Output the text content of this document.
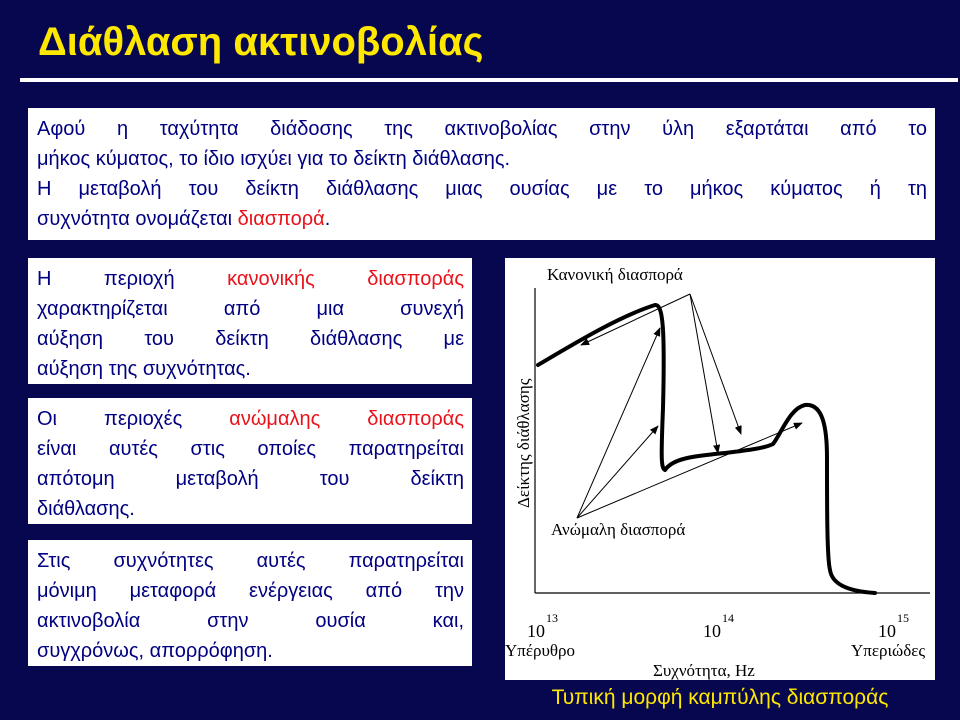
Διάθλαση ακτινοβολίας
Αφού η ταχύτητα διάδοσης της ακτινοβολίας στην ύλη εξαρτάται από το
μήκος κύματος, το ίδιο ισχύει για το δείκτη διάθλασης.
Η μεταβολή του δείκτη διάθλασης μιας ουσίας με το μήκος κύματος ή τη
συχνότητα ονομάζεται διασπορά.
Η περιοχή κανονικής διασποράς
χαρακτηρίζεται από μια συνεχή
αύξηση του δείκτη διάθλασης με
αύξηση της συχνότητας.
Οι περιοχές ανώμαλης διασποράς
είναι αυτές στις οποίες παρατηρείται
απότομη μεταβολή του δείκτη
διάθλασης.
Στις συχνότητες αυτές παρατηρείται
μόνιμη μεταφορά ενέργειας από την
ακτινοβολία στην ουσία και,
συγχρόνως, απορρόφηση.
Κανονική διασπορά
Ανώμαλη διασπορά
Δείκτης διάθλασης
10
13
10
14
10
15
Υπέρυθρο	Υπεριώδες
Συχνότητα, Hz
Τυπική μορφή καμπύλης διασποράς
